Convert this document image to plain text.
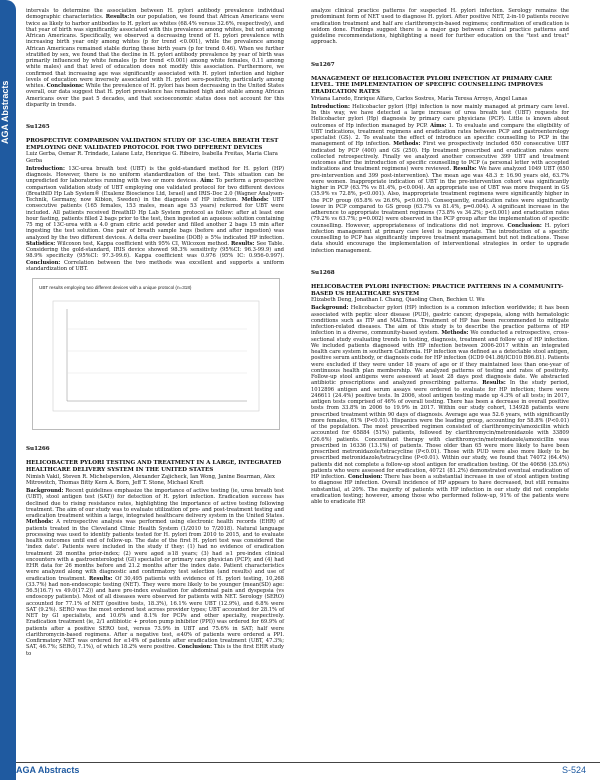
AGA Abstracts

intervals to determine the association between H. pylori antibody prevalence individual demographic characteristics. Results:In our population, we found that African Americans were twice as likely to harbor antibodies to H. pylori as whites (68.4% versus 32.6%, respectively), and that year of birth was significantly associated with this prevalence among whites, but not among African Americans. Specifically, we observed a decreasing trend of H. pylori prevalence with increasing birth year only among whites (p for trend <0.001), while the prevalence among African Americans remained stable during these birth years (p for trend 0.46). When we further stratified by sex, we found that the decline in H. pylori antibody prevalence by year of birth was primarily influenced by white females (p for trend <0.001) among white females, 0.11 among white males) and that level of education does not modify this association. Furthermore, we confirmed that increasing age was significantly associated with H. pylori infection and higher levels of education were inversely associated with H. pylori sero-positivity, particularly among whites. Conclusions: While the prevalence of H. pylori has been decreasing in the United States overall, our data suggest that H. pylori prevalence has remained high and stable among African Americans over the past 5 decades, and that socioeconomic status does not account for this disparity in trends.

Su1265

PROSPECTIVE COMPARISON VALIDATION STUDY OF 13C-UREA BREATH TEST EMPLOYING ONE VALIDATED PROTOCOL FOR TWO DIFFERENT DEVICES

Luiz Gerba, Osmar R. Trindade, Laiane Lutz, Henrique G. Ribeiro, Isabella Freitas, Maria Clara Gerba

Introduction: 13C-urea breath test (UBT) is the gold-standard method for H. pylori (HP) diagnosis. However, there is no uniform standardization of the test. This situation can be unpredicted for laboratories running with two or more devices. Aim: To perform a prospective comparison validation study of UBT employing one validated protocol for two different devices (BreathID Hp Lab System® (Exalenz Bioscience Ltd, Israel) and IRIS-Doc 2.0 (Wagner Analysen-Technik, Germany, now Kibion, Sweden) in the diagnosis of HP infection. Methods: UBT consecutive patients (165 females, 153 males, mean age 53 years) referred for UBT were included. All patients received BreathID Hp Lab System protocol as follow: after at least one hour fasting, patients filled 2 bags prior to the test, then ingested an aqueous solution containing 75 mg of 13C-urea with a 4.0 gram citric acid powder and filled another 2 bags 15 min after ingesting the test solution. One pair of breath sample bags (before and after ingestion) was analyzed by the two different devices. A delta over baseline (DOB) ≥ 5‰ indicated HP infection. Statistics: Wilcoxon test, Kappa coefficient with 95% CI, Wilcoxon method. Results: See Table. Considering the gold-standard, IRIS device showed 98.3% sensitivity (95%CI: 96.3-99.9) and 98.9% specificity (95%CI: 97.3-99.6). Kappa coefficient was 0.976 (95% IC: 0.956-0.997). Conclusion: Correlation between the two methods was excellent and supports a uniform standardization of UBT.

UBT results employing two different devices with a unique protocol (n=318)

Su1266

HELICOBACTER PYLORI TESTING AND TREATMENT IN A LARGE, INTEGRATED HEALTHCARE DELIVERY SYSTEM IN THE UNITED STATES

Nimish Vakil, Steven R. Michelsperslon, Alexander Zajicheck, Ian Wong, Janine Bearman, Alex Mitrowitch, Thomas Bitty Kern A. Born, Jeff T. Stone, Michael Kreft

Background: Recent guidelines emphasize the importance of active testing (ie, urea breath test (UBT), stool antigen test (SAT)) for detection of H. pylori infection. Eradication success has declined due to rising resistance rates, highlighting the importance of active testing following treatment. The aim of our study was to evaluate utilization of pre- and post-treatment testing and eradication treatment within a large, integrated healthcare delivery system in the United States. Methods: A retrospective analysis was performed using electronic health records (EHR) of patients treated in the Cleveland Clinic Health System (1/2010 to 7/2018). Natural language processing was used to identify patients tested for H. pylori from 2010 to 2015, and to evaluate health outcomes until end of follow-up. The date of the first H. pylori test was considered the 'index date'. Patients were included in the study if they: (1) had no evidence of eradication treatment 28 months prior-index; (2) were aged ≥18 years; (3) had ≥1 pre-index clinical encounters with a gastroenterologist (GI) specialist or primary care physician (PCP); and (4) had EHR data for 26 months before and 21.2 months after the index date. Patient characteristics were analyzed along with diagnostic and confirmatory test selection (and results) and use of eradication treatment. Results: Of 30,495 patients with evidence of H. pylori testing, 10,268 (33.7%) had non-endoscopic testing (NET). They were more likely to be younger (mean(SD) age: 56.5(16.7) vs 49.0(17.2)) and have pre-index evaluation for abdominal pain and dyspepsia (vs endoscopy patients). Most of all diseases were observed for patients with NET. Serology (SERO) accounted for 77.1% of NET (positive tests, 18.3%), 16.1% were UBT (12.9%), and 6.8% were SAT (9.2%). SERO was the most ordered test across provider types; UBT accounted for 28.1% of NET by GI specialists, and 10.6% and 8.1% for PCPs and other specialty, respectively. Eradication treatment (ie, 2/1 antibiotic + proton pump inhibitor (PPI)) was ordered for 69.9% of patients after a positive SERO test, versus 73.9% in UBT and 75.6% in SAT; half were clarithromycin-based regimens. After a negative test, ≤40% of patients were ordered a PPI. Confirmatory NET was ordered for ≤14% of patients after eradication treatment (UBT, 47.3%; SAT, 46.7%; SERO, 7.1%), of which 18.2% were positive. Conclusion: This is the first EHR study to

analyze clinical practice patterns for suspected H. pylori infection. Serology remains the predominant form of NET used to diagnose H. pylori. After positive NET, 2-in-10 patients receive eradication treatment and half are clarithromycin-based regimens; confirmation of eradication is seldom done. Findings suggest there is a major gap between clinical practice patterns and guideline recommendations, highlighting a need for further education on the "test and treat" approach.

Su1267

MANAGEMENT OF HELICOBACTER PYLORI INFECTION AT PRIMARY CARE LEVEL. THE IMPLEMENTATION OF SPECIFIC COUNSELLING IMPROVES ERADICATION RATES

Viviana Laredo, Enrique Alfaro, Carlos Sostres, María Teresa Arroyo, Angel Lanas

Introduction: Helicobacter pylori (Hp) infection is now mainly managed at primary care level. In this way, we have detected a large increase of urea breath test (UBT) requests for Helicobacter pylori (Hp) diagnosis by primary care physicians (PCP). Little is known about outcomes of Hp infection managed by PCP. Aims: 1. To evaluate and compare the eligibility of UBT indications, treatment regimens and eradication rates between PCP and gastroenterology specialist (GS). 2. To evaluate the effect of introduce an specific counselling to PCP in the management of Hp infection. Methods: First we prospectively included 650 consecutive UBT indicated by PCP (400) and GS (250). Hp treatment prescribed and eradication rates were collected retrospectively. Finally we analyzed another consecutive 399 UBT and treatment outcomes after the introduction of specific counselling to PCP (a personal letter with accepted indications and treatment regimens) were reviewed. Results: We have analyzed 1049 UBT (650 pre-intervention and 399 post-intervention). The mean age was 48.3 ± 16.90 years old, 63.7% were women. Inappropriate indication of UBT in the pre-intervention cohort was significantly higher in PCP (63.7% vs 81.4%, p<0.004). An appropriate use of UBT was more frequent in GS (35.9% vs 72.8%, p<0.001). Also, inappropriate treatment regimens were significantly higher in the PCP group (65.8% vs 26.6%, p<0.001). Consequently, eradication rates were significantly lower in PCP compared to GS group (63.7% vs 81.4%, p=0.004). A significant increase in the adherence to appropriate treatment regimens (73.8% vs 34.2%; p<0.001) and eradication rates (79.2% vs 63.7%; p=0.002) were observed in the PCP group after the implementation of specific counselling. However, appropriateness of indications did not improve. Conclusion: H. pylori infection management at primary care level is inappropriate. The introduction of a specific counselling to PCP has significantly improve treatment management but not indications. These data should encourage the implementation of interventional strategies in order to upgrade infection management.

Su1268

HELICOBACTER PYLORI INFECTION: PRACTICE PATTERNS IN A COMMUNITY-BASED US HEALTHCARE SYSTEM

Elizabeth Deng, Jonathan I. Chang, Qiaoling Chen, Bechien U. Wu

Background: Helicobacter pylori (HP) infection is a common infection worldwide; it has been associated with peptic ulcer disease (PUD), gastric cancer, dyspepsia, along with hematologic conditions such as ITP and MALToma. Treatment of HP has been recommended to mitigate infection-related diseases. The aim of this study is to describe the practice patterns of HP infection in a diverse, community-based system. Methods: We conducted a retrospective, cross-sectional study evaluating trends in testing, diagnosis, treatment and follow up of HP infection. We included patients diagnosed with HP infection between 2006-2017 within an integrated health care system in southern California. HP infection was defined as a detectable stool antigen, positive serum antibody, or diagnosis code for HP infection (ICD9 041.86/ICD10 B96.81). Patients were excluded if they were under 18 years of age or if they maintained less than one-year of continuous health plan membership. We analyzed patterns of testing and rates of positivity. Follow-up stool antigens were assessed at least 28 days post diagnosis date. We abstracted antibiotic prescriptions and analyzed prescribing patterns. Results: In the study period, 1012896 antigen and serum assays were ordered to evaluate for HP infection; there were 246611 (24.4%) positive tests. In 2006, stool antigen testing made up 4.3% of all tests; in 2017, antigen tests comprised of 46% of overall testing. There has been a decrease in overall positive tests from 33.8% in 2006 to 19.9% in 2017. Within our study cohort, 134928 patients were prescribed treatment within 90 days of diagnosis. Average age was 52.6 years, with significantly more females, 61% (P<0.01). Hispanics were the leading group, accounting for 58.8% (P<0.01) of the population. The most prescribed regimen consisted of clarithromycin/amoxicillin which accounted for 65884 (51%) patients, followed by clarithromycin/metronidazole with 33809 (26.6%) patients. Concomitant therapy with clarithromycin/metronidazole/amoxicillin was prescribed in 16336 (13.1%) of patients. Those older than 65 were more likely to have been prescribed metronidazole/tetracycline (P<0.01). Those with PUD were also more likely to be prescribed metronidazole/tetracycline (P<0.01). Within our study, we found that 74072 (64.4%) patients did not complete a follow-up stool antigen for eradication testing. Of the 40656 (35.6%) patients who were assessed for eradication, 40721 (81.2%) demonstrated eventual eradication of HP infection. Conclusion: There has been a substantial increase in use of stool antigen testing to diagnose HP infection. Overall incidence of HP appears to have decreased, but still remains substantial, at 20%. The majority of patients with HP infection in our study did not complete eradication testing; however, among those who performed follow-up, 91% of the patients were able to eradicate HP.

AGA Abstracts	S-524
